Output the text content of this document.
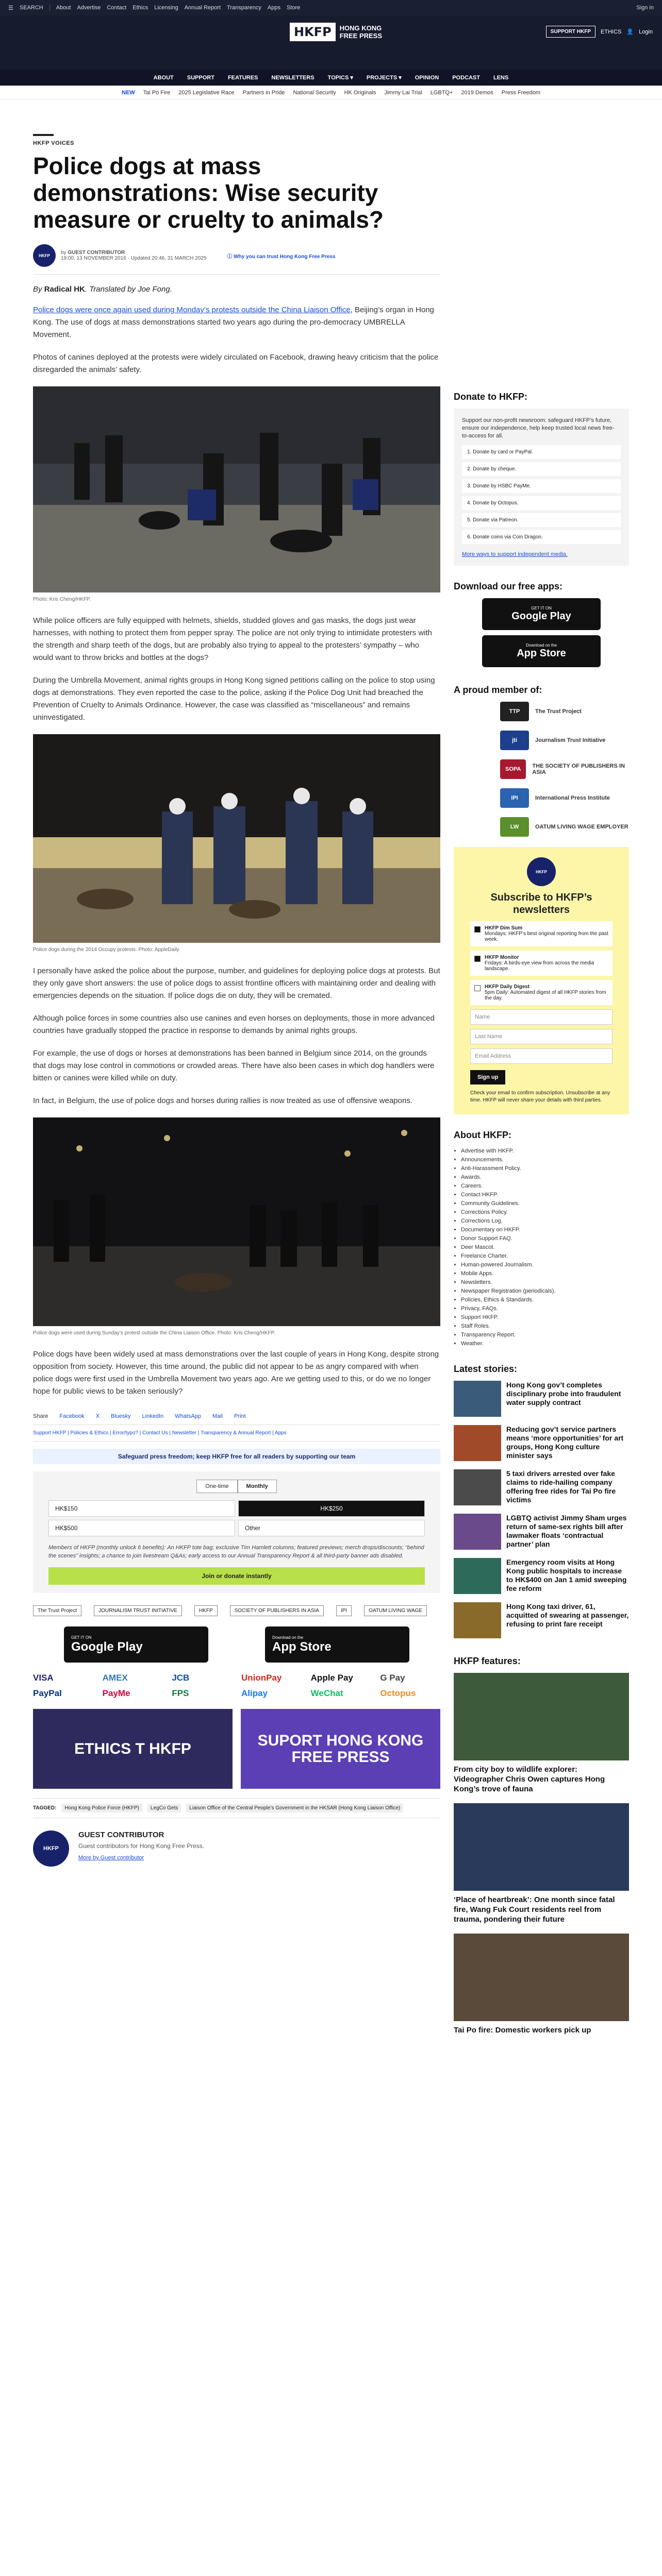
☰ SEARCH About Advertise Contact Ethics Licensing Annual Report Transparency Apps Store	Sign in
HKFP	HONG KONG
FREE PRESS
SUPPORT HKFP	ETHICS 👤 Login
ABOUT SUPPORT FEATURES NEWSLETTERS TOPICS ▾ PROJECTS ▾ OPINION PODCAST LENS
NEW Tai Po Fire 2025 Legislative Race Partners in Pride National Security HK Originals Jimmy Lai Trial LGBTQ+ 2019 Demos Press Freedom
HKFP VOICES
Police dogs at mass demonstrations: Wise security measure or cruelty to animals?
HKFP	by GUEST CONTRIBUTOR
19:00, 13 NOVEMBER 2016 · Updated 20:46, 31 MARCH 2025	ⓘ Why you can trust Hong Kong Free Press
By Radical HK. Translated by Joe Fong.

Police dogs were once again used during Monday’s protests outside the China Liaison Office, Beijing’s organ in Hong Kong. The use of dogs at mass demonstrations started two years ago during the pro-democracy UMBRELLA Movement.

Photos of canines deployed at the protests were widely circulated on Facebook, drawing heavy criticism that the police disregarded the animals’ safety.

Photo: Kris Cheng/HKFP.

While police officers are fully equipped with helmets, shields, studded gloves and gas masks, the dogs just wear harnesses, with nothing to protect them from pepper spray. The police are not only trying to intimidate protesters with the strength and sharp teeth of the dogs, but are probably also trying to appeal to the protesters’ sympathy – who would want to throw bricks and bottles at the dogs?

During the Umbrella Movement, animal rights groups in Hong Kong signed petitions calling on the police to stop using dogs at demonstrations. They even reported the case to the police, asking if the Police Dog Unit had breached the Prevention of Cruelty to Animals Ordinance. However, the case was classified as “miscellaneous” and remains uninvestigated.

Police dogs during the 2014 Occupy protests. Photo: AppleDaily.

I personally have asked the police about the purpose, number, and guidelines for deploying police dogs at protests. But they only gave short answers: the use of police dogs to assist frontline officers with maintaining order and dealing with emergencies depends on the situation. If police dogs die on duty, they will be cremated.

Although police forces in some countries also use canines and even horses on deployments, those in more advanced countries have gradually stopped the practice in response to demands by animal rights groups.

For example, the use of dogs or horses at demonstrations has been banned in Belgium since 2014, on the grounds that dogs may lose control in commotions or crowded areas. There have also been cases in which dog handlers were bitten or canines were killed while on duty.

In fact, in Belgium, the use of police dogs and horses during rallies is now treated as use of offensive weapons.

Police dogs were used during Sunday’s protest outside the China Liaison Office. Photo: Kris Cheng/HKFP.

Police dogs have been widely used at mass demonstrations over the last couple of years in Hong Kong, despite strong opposition from society. However, this time around, the public did not appear to be as angry compared with when police dogs were first used in the Umbrella Movement two years ago. Are we getting used to this, or do we no longer hope for public views to be taken seriously?

Share Facebook X Bluesky LinkedIn WhatsApp Mail Print
Support HKFP | Policies & Ethics | Error/typo? | Contact Us | Newsletter | Transparency & Annual Report | Apps
Safeguard press freedom; keep HKFP free for all readers by supporting our team
One-time	Monthly
HK$150	HK$250
HK$500	Other
Members of HKFP (monthly unlock 6 benefits): An HKFP tote bag; exclusive Tim Hamlett columns; featured previews; merch drops/discounts; “behind the scenes” insights; a chance to join livestream Q&As; early access to our Annual Transparency Report & all third-party banner ads disabled.
Join or donate instantly
The Trust Project	JOURNALISM TRUST INITIATIVE	HKFP	SOCIETY OF PUBLISHERS IN ASIA	IPI	OATUM LIVING WAGE
GET IT ON
Google Play
Download on the
App Store
VISA	AMEX	JCB	UnionPay	Apple Pay	G Pay
PayPal	PayMe	FPS	Alipay	WeChat	Octopus
ETHICS T HKFP	SUPORT HONG KONG FREE PRESS
TAGGED:	Hong Kong Police Force (HKFP)	LegCo Gets	Liaison Office of the Central People’s Government in the HKSAR (Hong Kong Liaison Office)
HKFP
GUEST CONTRIBUTOR
Guest contributors for Hong Kong Free Press.
More by Guest contributor
Donate to HKFP:

Support our non-profit newsroom: safeguard HKFP's future, ensure our independence, help keep trusted local news free-to-access for all.

1. Donate by card or PayPal.
2. Donate by cheque.
3. Donate by HSBC PayMe.
4. Donate by Octopus.
5. Donate via Patreon.
6. Donate coins via Coin Dragon.
More ways to support independent media.
Download our free apps:
GET IT ON
Google Play

Download on the
App Store
A proud member of:
TTP	The Trust Project
jti	Journalism Trust Initiative
SOPA	THE SOCIETY OF PUBLISHERS IN ASIA
IPI	International Press Institute
LW	OATUM LIVING WAGE EMPLOYER
HKFP
Subscribe to HKFP’s newsletters
HKFP Dim Sum
Mondays: HKFP’s best original reporting from the past week.
HKFP Monitor
Fridays: A birds-eye view from across the media landscape.
HKFP Daily Digest
5pm Daily: Automated digest of all HKFP stories from the day.
Name
Last Name
Email Address
Sign up
Check your email to confirm subscription. Unsubscribe at any time. HKFP will never share your details with third parties.
About HKFP:
• Advertise with HKFP.
• Announcements.
• Anti-Harassment Policy.
• Awards.
• Careers.
• Contact HKFP.
• Community Guidelines.
• Corrections Policy.
• Corrections Log.
• Documentary on HKFP.
• Donor Support FAQ.
• Deer Mascot.
• Freelance Charter.
• Human-powered Journalism.
• Mobile Apps.
• Newsletters.
• Newspaper Registration (periodicals).
• Policies, Ethics & Standards.
• Privacy, FAQs.
• Support HKFP.
• Staff Roles.
• Transparency Report.
• Weather.
Latest stories:
Hong Kong gov’t completes disciplinary probe into fraudulent water supply contract
Reducing gov’t service partners means ‘more opportunities’ for art groups, Hong Kong culture minister says
5 taxi drivers arrested over fake claims to ride-hailing company offering free rides for Tai Po fire victims
LGBTQ activist Jimmy Sham urges return of same-sex rights bill after lawmaker floats ‘contractual partner’ plan
Emergency room visits at Hong Kong public hospitals to increase to HK$400 on Jan 1 amid sweeping fee reform
Hong Kong taxi driver, 61, acquitted of swearing at passenger, refusing to print fare receipt
HKFP features:
From city boy to wildlife explorer: Videographer Chris Owen captures Hong Kong’s trove of fauna
‘Place of heartbreak’: One month since fatal fire, Wang Fuk Court residents reel from trauma, pondering their future
Tai Po fire: Domestic workers pick up
